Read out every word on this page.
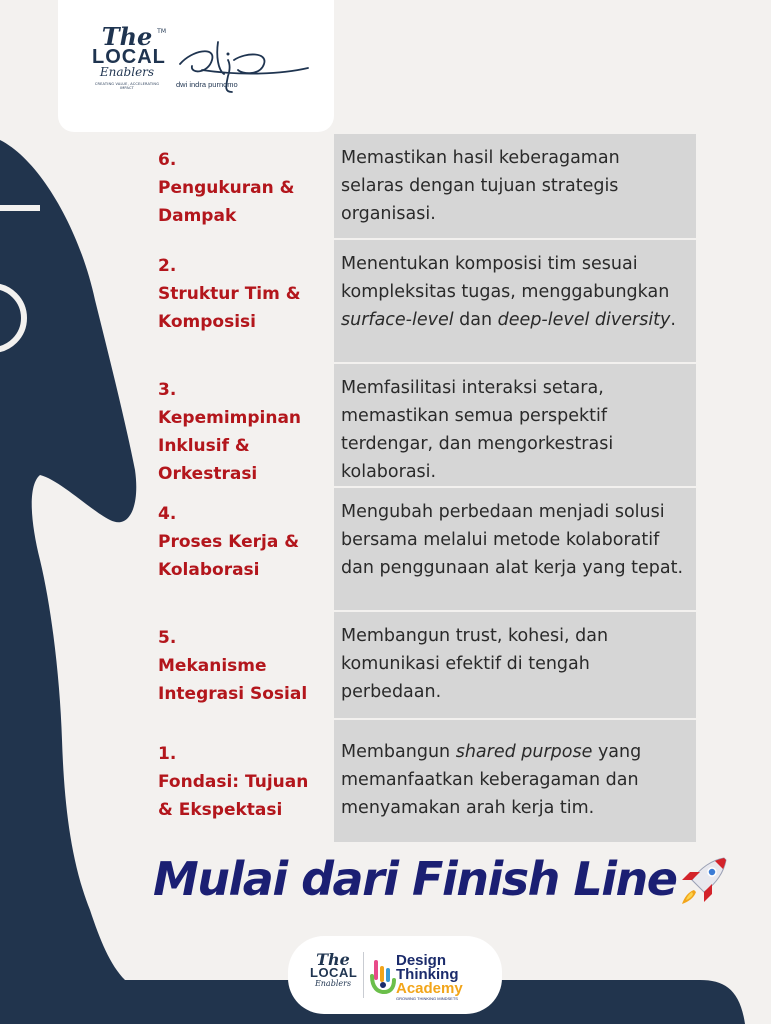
The TM
LOCAL
Enablers
CREATING VALUE, ACCELERATING IMPACT	dwi indra purnomo
6.
Pengukuran & Dampak
Memastikan hasil keberagaman selaras dengan tujuan strategis organisasi.
2.
Struktur Tim & Komposisi
Menentukan komposisi tim sesuai kompleksitas tugas, menggabungkan surface-level dan deep-level diversity.
3.
Kepemimpinan Inklusif & Orkestrasi
Memfasilitasi interaksi setara, memastikan semua perspektif terdengar, dan mengorkestrasi kolaborasi.
4.
Proses Kerja & Kolaborasi
Mengubah perbedaan menjadi solusi bersama melalui metode kolaboratif dan penggunaan alat kerja yang tepat.
5.
Mekanisme Integrasi Sosial
Membangun trust, kohesi, dan komunikasi efektif di tengah perbedaan.
1.
Fondasi: Tujuan & Ekspektasi
Membangun shared purpose yang memanfaatkan keberagaman dan menyamakan arah kerja tim.
Mulai dari Finish Line
The
LOCAL
Enablers
Design
Thinking
Academy
GROWING THINKING MINDSETS
